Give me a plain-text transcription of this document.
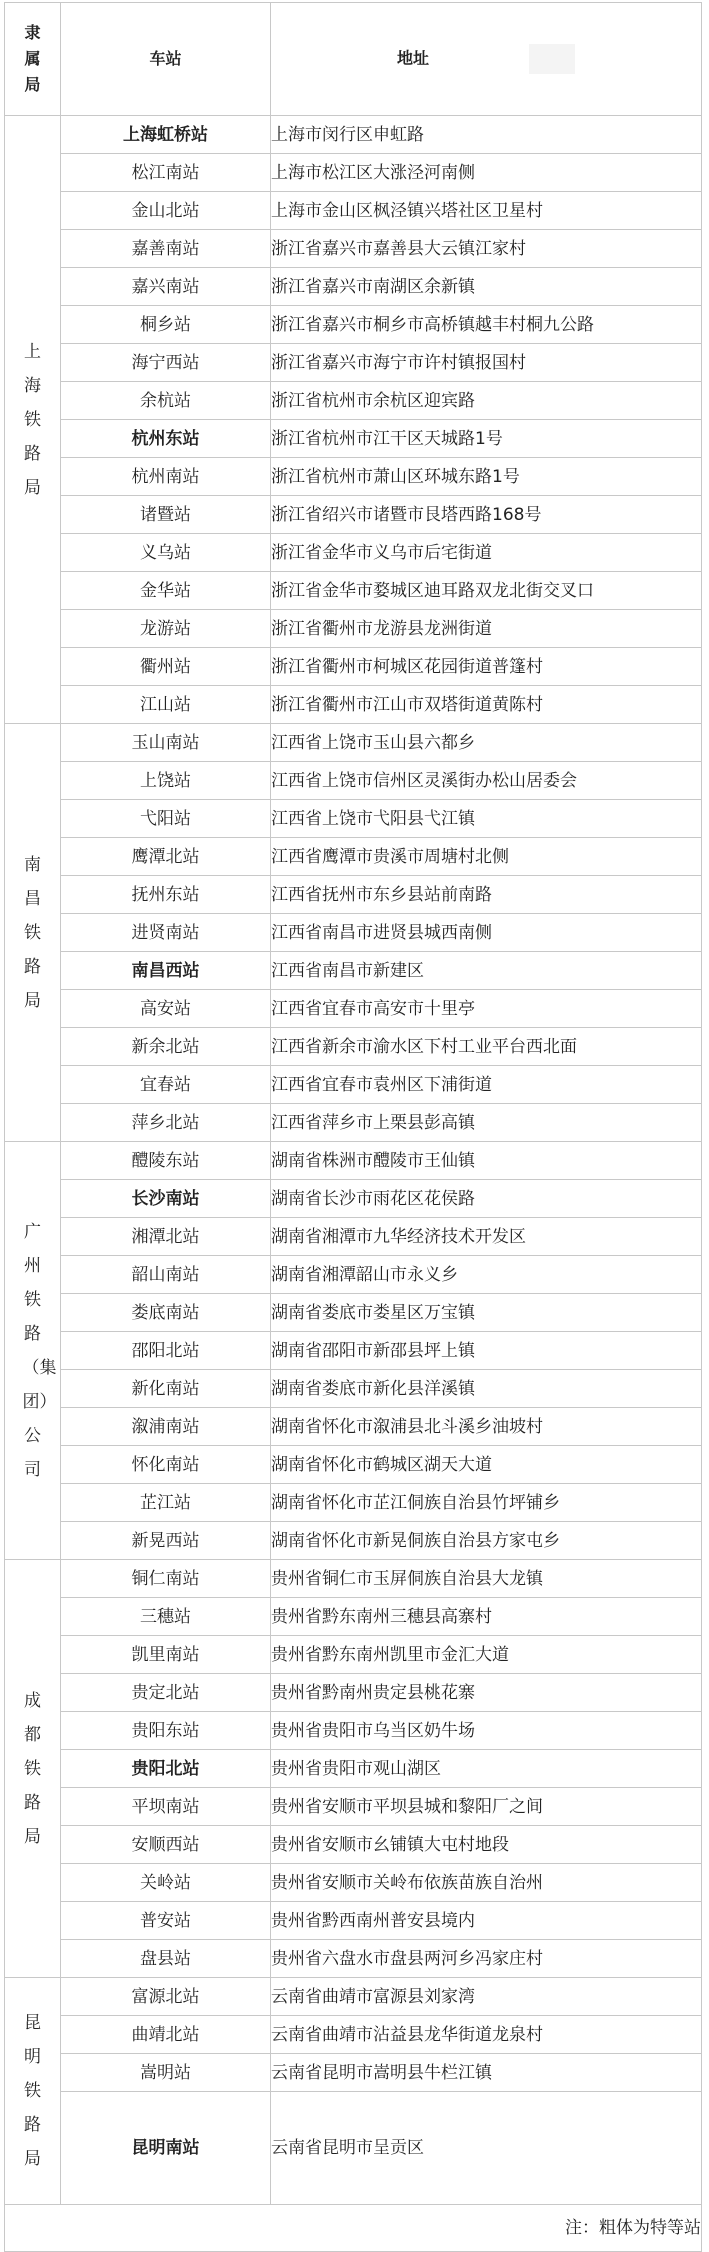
隶属局	车站	地址
上海铁路局	上海虹桥站	上海市闵行区申虹路
	松江南站	上海市松江区大涨泾河南侧
	金山北站	上海市金山区枫泾镇兴塔社区卫星村
	嘉善南站	浙江省嘉兴市嘉善县大云镇江家村
	嘉兴南站	浙江省嘉兴市南湖区余新镇
	桐乡站	浙江省嘉兴市桐乡市高桥镇越丰村桐九公路
	海宁西站	浙江省嘉兴市海宁市许村镇报国村
	余杭站	浙江省杭州市余杭区迎宾路
	杭州东站	浙江省杭州市江干区天城路1号
	杭州南站	浙江省杭州市萧山区环城东路1号
	诸暨站	浙江省绍兴市诸暨市艮塔西路168号
	义乌站	浙江省金华市义乌市后宅街道
	金华站	浙江省金华市婺城区迪耳路双龙北街交叉口
	龙游站	浙江省衢州市龙游县龙洲街道
	衢州站	浙江省衢州市柯城区花园街道普篷村
	江山站	浙江省衢州市江山市双塔街道黄陈村
南昌铁路局	玉山南站	江西省上饶市玉山县六都乡
	上饶站	江西省上饶市信州区灵溪街办松山居委会
	弋阳站	江西省上饶市弋阳县弋江镇
	鹰潭北站	江西省鹰潭市贵溪市周塘村北侧
	抚州东站	江西省抚州市东乡县站前南路
	进贤南站	江西省南昌市进贤县城西南侧
	南昌西站	江西省南昌市新建区
	高安站	江西省宜春市高安市十里亭
	新余北站	江西省新余市渝水区下村工业平台西北面
	宜春站	江西省宜春市袁州区下浦街道
	萍乡北站	江西省萍乡市上栗县彭高镇
广州铁路（集团）公司	醴陵东站	湖南省株洲市醴陵市王仙镇
	长沙南站	湖南省长沙市雨花区花侯路
	湘潭北站	湖南省湘潭市九华经济技术开发区
	韶山南站	湖南省湘潭韶山市永义乡
	娄底南站	湖南省娄底市娄星区万宝镇
	邵阳北站	湖南省邵阳市新邵县坪上镇
	新化南站	湖南省娄底市新化县洋溪镇
	溆浦南站	湖南省怀化市溆浦县北斗溪乡油坡村
	怀化南站	湖南省怀化市鹤城区湖天大道
	芷江站	湖南省怀化市芷江侗族自治县竹坪铺乡
	新晃西站	湖南省怀化市新晃侗族自治县方家屯乡
成都铁路局	铜仁南站	贵州省铜仁市玉屏侗族自治县大龙镇
	三穗站	贵州省黔东南州三穗县高寨村
	凯里南站	贵州省黔东南州凯里市金汇大道
	贵定北站	贵州省黔南州贵定县桃花寨
	贵阳东站	贵州省贵阳市乌当区奶牛场
	贵阳北站	贵州省贵阳市观山湖区
	平坝南站	贵州省安顺市平坝县城和黎阳厂之间
	安顺西站	贵州省安顺市幺铺镇大屯村地段
	关岭站	贵州省安顺市关岭布依族苗族自治州
	普安站	贵州省黔西南州普安县境内
	盘县站	贵州省六盘水市盘县两河乡冯家庄村
昆明铁路局	富源北站	云南省曲靖市富源县刘家湾
	曲靖北站	云南省曲靖市沾益县龙华街道龙泉村
	嵩明站	云南省昆明市嵩明县牛栏江镇
	昆明南站	云南省昆明市呈贡区
注：粗体为特等站		
